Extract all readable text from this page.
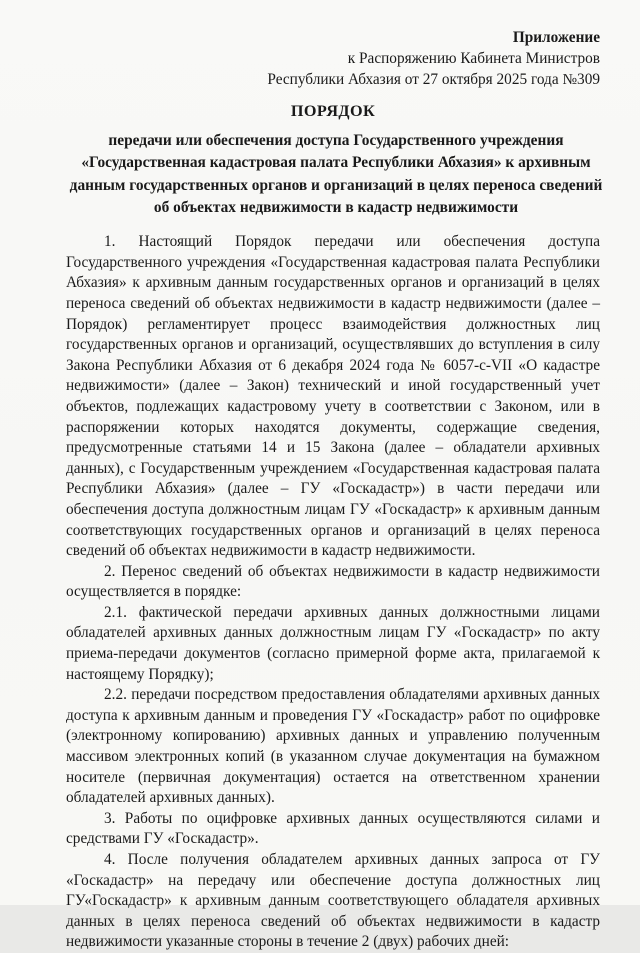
Приложение
к Распоряжению Кабинета Министров
Республики Абхазия от 27 октября 2025 года №309
ПОРЯДОК
передачи или обеспечения доступа Государственного учреждения «Государственная кадастровая палата Республики Абхазия» к архивным данным государственных органов и организаций в целях переноса сведений об объектах недвижимости в кадастр недвижимости

1. Настоящий Порядок передачи или обеспечения доступа Государственного учреждения «Государственная кадастровая палата Республики Абхазия» к архивным данным государственных органов и организаций в целях переноса сведений об объектах недвижимости в кадастр недвижимости (далее – Порядок) регламентирует процесс взаимодействия должностных лиц государственных органов и организаций, осуществлявших до вступления в силу Закона Республики Абхазия от 6 декабря 2024 года № 6057-с-VII «О кадастре недвижимости» (далее – Закон) технический и иной государственный учет объектов, подлежащих кадастровому учету в соответствии с Законом, или в распоряжении которых находятся документы, содержащие сведения, предусмотренные статьями 14 и 15 Закона (далее – обладатели архивных данных), с Государственным учреждением «Государственная кадастровая палата Республики Абхазия» (далее – ГУ «Госкадастр») в части передачи или обеспечения доступа должностным лицам ГУ «Госкадастр» к архивным данным соответствующих государственных органов и организаций в целях переноса сведений об объектах недвижимости в кадастр недвижимости.

2. Перенос сведений об объектах недвижимости в кадастр недвижимости осуществляется в порядке:

2.1. фактической передачи архивных данных должностными лицами обладателей архивных данных должностным лицам ГУ «Госкадастр» по акту приема-передачи документов (согласно примерной форме акта, прилагаемой к настоящему Порядку);

2.2. передачи посредством предоставления обладателями архивных данных доступа к архивным данным и проведения ГУ «Госкадастр» работ по оцифровке (электронному копированию) архивных данных и управлению полученным массивом электронных копий (в указанном случае документация на бумажном носителе (первичная документация) остается на ответственном хранении обладателей архивных данных).

3. Работы по оцифровке архивных данных осуществляются силами и средствами ГУ «Госкадастр».

4. После получения обладателем архивных данных запроса от ГУ «Госкадастр» на передачу или обеспечение доступа должностных лиц ГУ«Госкадастр» к архивным данным соответствующего обладателя архивных данных в целях переноса сведений об объектах недвижимости в кадастр недвижимости указанные стороны в течение 2 (двух) рабочих дней:
